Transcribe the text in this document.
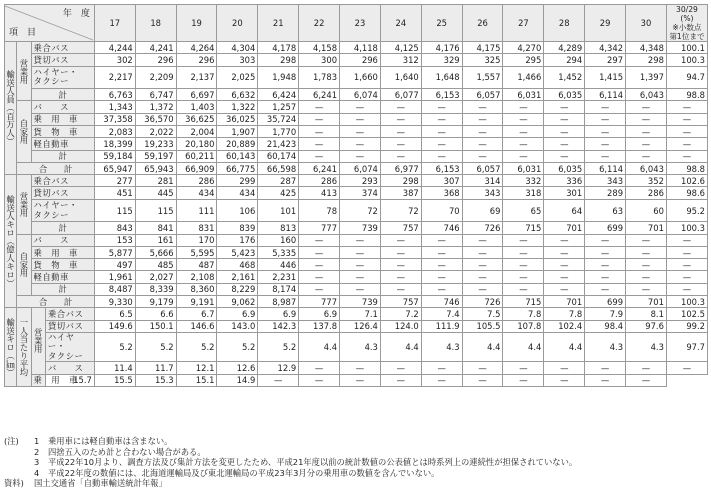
年　度
項　目				17	18	19	20	21	22	23	24	25	26	27	28	29	30	30/29 (%)
※小数点
第1位まで
輸送人員（百万人）	営業用	乗合バス		4,244	4,241	4,264	4,304	4,178	4,158	4,118	4,125	4,176	4,175	4,270	4,289	4,342	4,348	100.1
		貸切バス		302	296	296	303	298	300	296	312	329	325	295	294	297	298	100.3
		ハイヤー・
タクシー		2,217	2,209	2,137	2,025	1,948	1,783	1,660	1,640	1,648	1,557	1,466	1,452	1,415	1,397	94.7
		計		6,763	6,747	6,697	6,632	6,424	6,241	6,074	6,077	6,153	6,057	6,031	6,035	6,114	6,043	98.8
	自家用	バ　　ス		1,343	1,372	1,403	1,322	1,257	—	—	—	—	—	—	—	—	—	—
		乗　用　車		37,358	36,570	36,625	36,025	35,724	—	—	—	—	—	—	—	—	—	—
		貨　物　車		2,083	2,022	2,004	1,907	1,770	—	—	—	—	—	—	—	—	—	—
		軽自動車		18,399	19,233	20,180	20,889	21,423	—	—	—	—	—	—	—	—	—	—
		計		59,184	59,197	60,211	60,143	60,174	—	—	—	—	—	—	—	—	—	—
	合　　計			65,947	65,943	66,909	66,775	66,598	6,241	6,074	6,977	6,153	6,057	6,031	6,035	6,114	6,043	98.8
輸送人キロ（億人キロ）	営業用	乗合バス		277	281	286	299	287	286	293	298	307	314	332	336	343	352	102.6
		貸切バス		451	445	434	434	425	413	374	387	368	343	318	301	289	286	98.6
		ハイヤー・
タクシー		115	115	111	106	101	78	72	72	70	69	65	64	63	60	95.2
		計		843	841	831	839	813	777	739	757	746	726	715	701	699	701	100.3
	自家用	バ　　ス		153	161	170	176	160	—	—	—	—	—	—	—	—	—	—
		乗　用　車		5,877	5,666	5,595	5,423	5,335	—	—	—	—	—	—	—	—	—	—
		貨　物　車		497	485	487	468	446	—	—	—	—	—	—	—	—	—	—
		軽自動車		1,961	2,027	2,108	2,161	2,231	—	—	—	—	—	—	—	—	—	—
		計		8,487	8,339	8,360	8,229	8,174	—	—	—	—	—	—	—	—	—	—
	合　　計			9,330	9,179	9,191	9,062	8,987	777	739	757	746	726	715	701	699	701	100.3
輸送キロ（㎞）	一人当たり平均	営業用	乗合バス	6.5	6.6	6.7	6.9	6.9	6.9	7.1	7.2	7.4	7.5	7.8	7.8	7.9	8.1	102.5
			貸切バス	149.6	150.1	146.6	143.0	142.3	137.8	126.4	124.0	111.9	105.5	107.8	102.4	98.4	97.6	99.2
			ハイヤー・
タクシー	5.2	5.2	5.2	5.2	5.2	4.4	4.3	4.4	4.3	4.4	4.4	4.4	4.3	4.3	97.7
			バ　　ス	11.4	11.7	12.1	12.6	12.9	—	—	—	—	—	—	—	—	—	—
		乗　用　車	15.7	15.5	15.3	15.1	14.9	—	—	—	—	—	—	—	—	—	—	
(注)	1	乗用車には軽自動車は含まない。
2	四捨五入のため計と合わない場合がある。
3	平成22年10月より、調査方法及び集計方法を変更したため、平成21年度以前の統計数値の公表値とは時系列上の連続性が担保されていない。
4	平成22年度の数値には、北海道運輸局及び東北運輸局の平成23年3月分の乗用車の数値を含んでいない。
資料)	国土交通省「自動車輸送統計年報」
